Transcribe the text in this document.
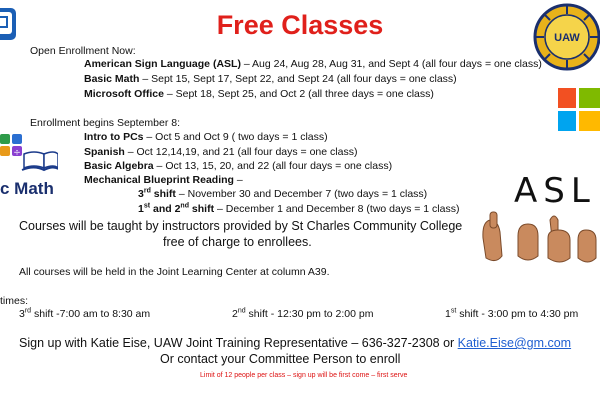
Free Classes	UAW
Open Enrollment Now:
American Sign Language (ASL) – Aug 24, Aug 28, Aug 31, and Sept 4 (all four days = one class)
Basic Math – Sept 15, Sept 17, Sept 22, and Sept 24 (all four days = one class)
Microsoft Office – Sept 18, Sept 25, and Oct 2 (all three days = one class)
Enrollment begins September 8:
Intro to PCs – Oct 5 and Oct 9 ( two days = 1 class)
Spanish – Oct 12,14,19, and 21 (all four days = one class)
Basic Algebra – Oct 13, 15, 20, and 22 (all four days = one class)
Mechanical Blueprint Reading –
3rd shift – November 30 and December 7 (two days = 1 class)
1st and 2nd shift – December 1 and December 8 (two days = 1 class)
÷
c Math	ASL
Courses will be taught by instructors provided by St Charles Community College
free of charge to enrollees.
All courses will be held in the Joint Learning Center at column A39.
times:
3rd shift -7:00 am to 8:30 am	2nd shift - 12:30 pm to 2:00 pm	1st shift - 3:00 pm to 4:30 pm
Sign up with Katie Eise, UAW Joint Training Representative – 636-327-2308 or Katie.Eise@gm.com
Or contact your Committee Person to enroll
Limit of 12 people per class – sign up will be first come – first serve
